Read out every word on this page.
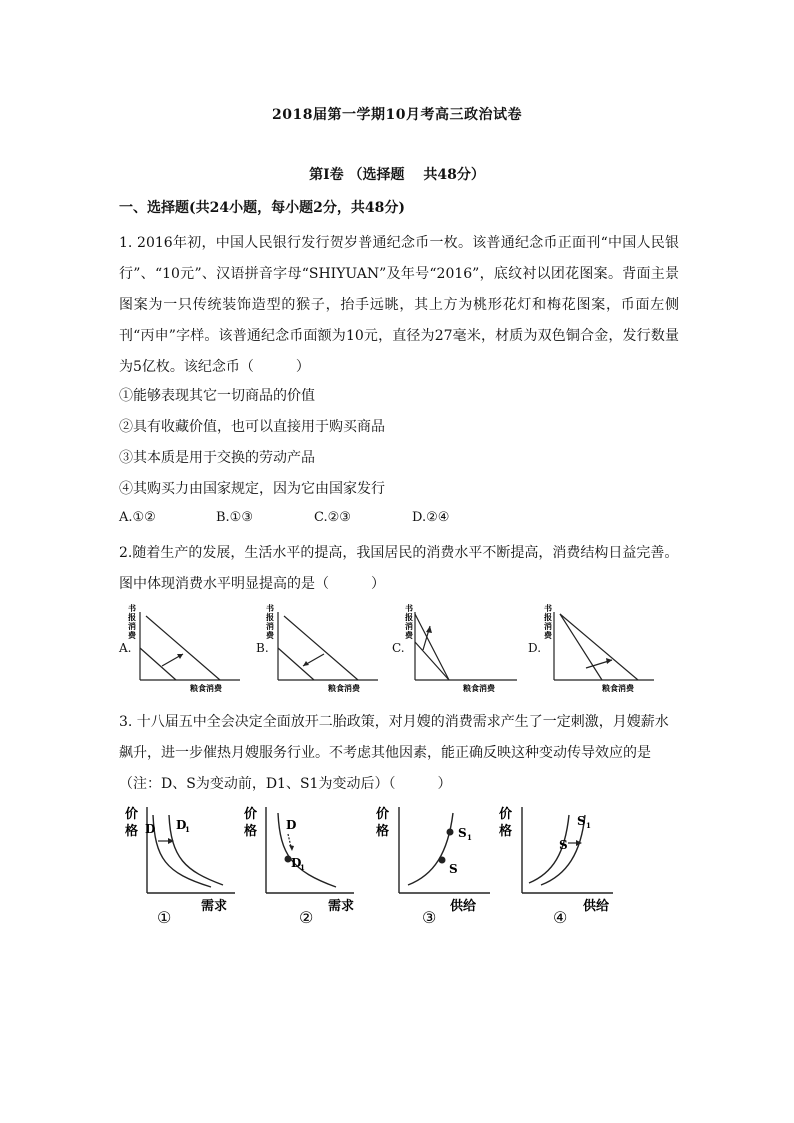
2018届第一学期10月考高三政治试卷
第Ⅰ卷 （选择题　 共48分）
一、选择题(共24小题，每小题2分，共48分)
1. 2016年初，中国人民银行发行贺岁普通纪念币一枚。该普通纪念币正面刊“中国人民银行”、“10元”、汉语拼音字母“SHIYUAN”及年号“2016”，底纹衬以团花图案。背面主景图案为一只传统装饰造型的猴子，抬手远眺，其上方为桃形花灯和梅花图案，币面左侧刊“丙申”字样。该普通纪念币面额为10元，直径为27毫米，材质为双色铜合金，发行数量为5亿枚。该纪念币（　　　）
①能够表现其它一切商品的价值
②具有收藏价值，也可以直接用于购买商品
③其本质是用于交换的劳动产品
④其购买力由国家规定，因为它由国家发行
A.①②	B.①③	C.②③	D.②④
2.随着生产的发展，生活水平的提高，我国居民的消费水平不断提高，消费结构日益完善。图中体现消费水平明显提高的是（　　　）
A.
书
报
消
费
粮食消费
B.
书
报
消
费
粮食消费
C.
书
报
消
费
粮食消费
D.
书
报
消
费
粮食消费
3. 十八届五中全会决定全面放开二胎政策，对月嫂的消费需求产生了一定刺激，月嫂薪水飙升，进一步催热月嫂服务行业。不考虑其他因素，能正确反映这种变动传导效应的是（注：D、S为变动前，D1、S1为变动后）（　　　）
价
格 D D
1
需求
①
价
格 D
D
1
需求
②
价
格	S 1
S
供给
③
价
格
S 1
S
供给
④
